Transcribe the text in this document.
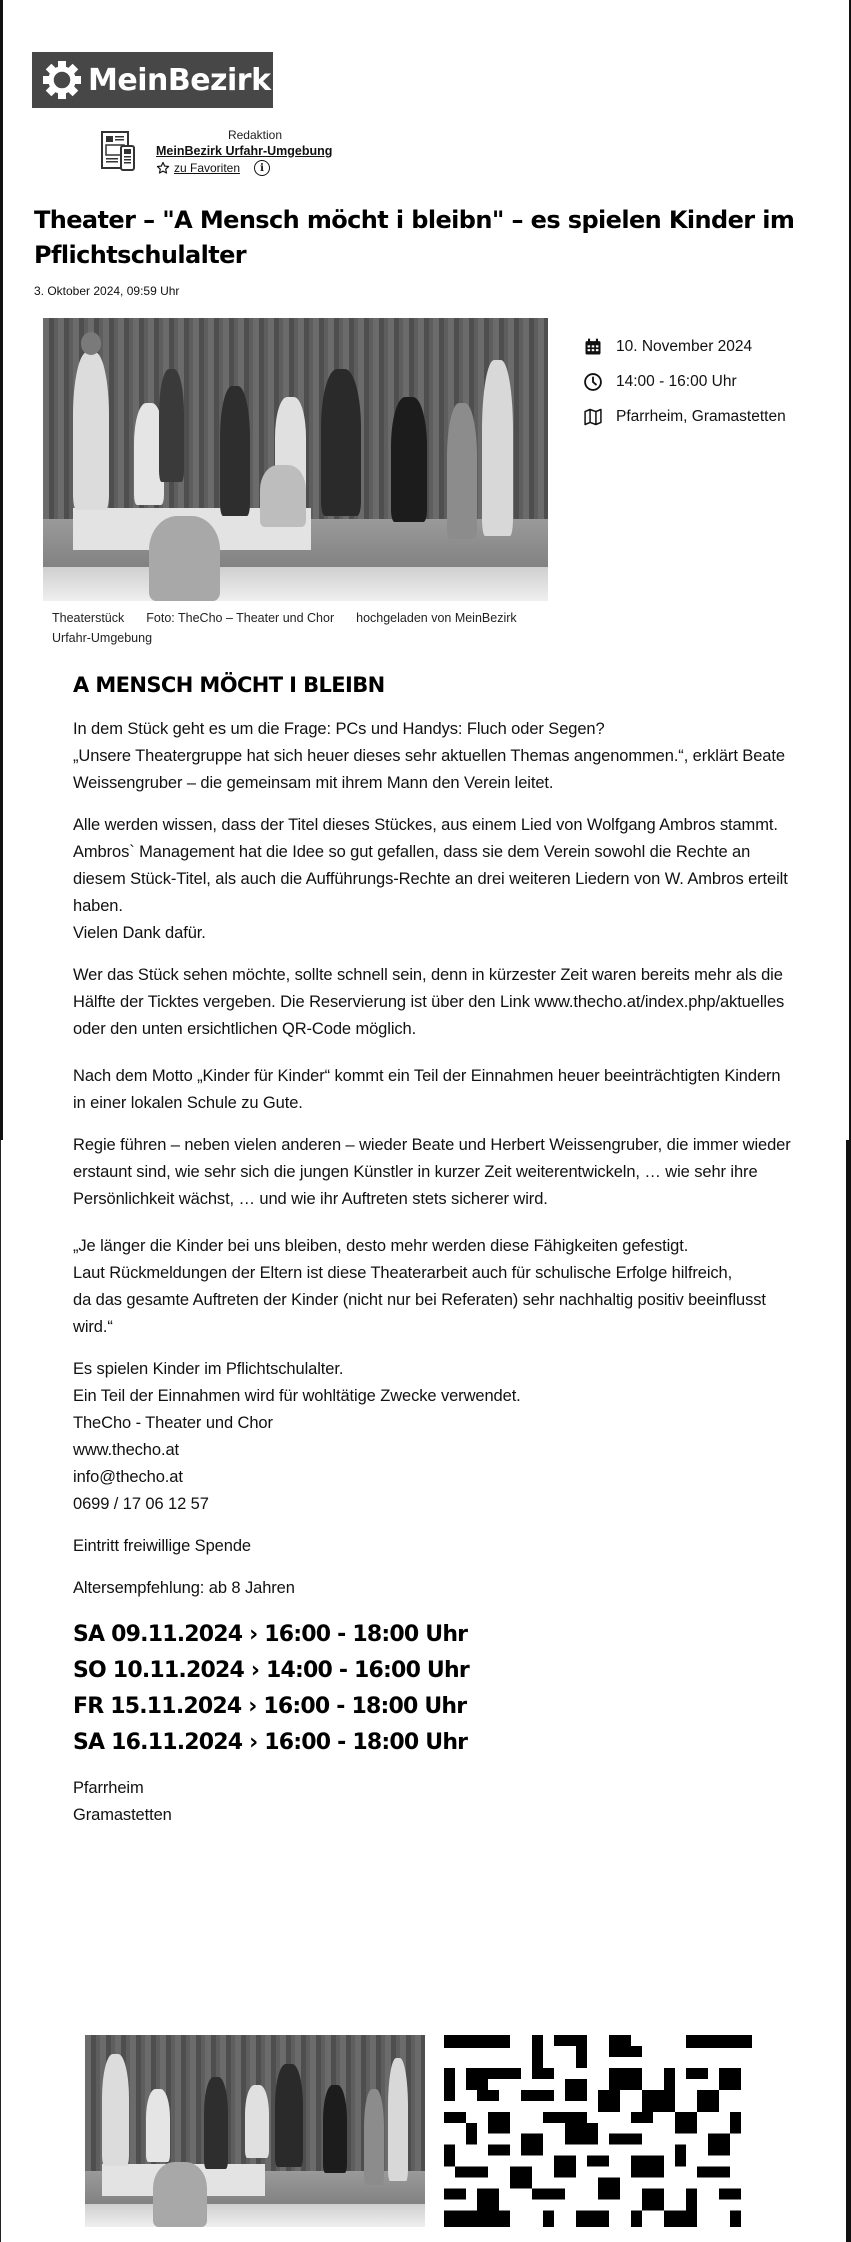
MeinBezirk
Redaktion
MeinBezirk Urfahr-Umgebung
zu Favoriten	i
Theater – "A Mensch möcht i bleibn" – es spielen Kinder im Pflichtschulalter
3. Oktober 2024, 09:59 Uhr
10. November 2024
14:00 - 16:00 Uhr
Pfarrheim, Gramastetten
Theaterstück Foto: TheCho – Theater und Chor hochgeladen von MeinBezirk Urfahr-Umgebung
A MENSCH MÖCHT I BLEIBN

In dem Stück geht es um die Frage: PCs und Handys: Fluch oder Segen?
„Unsere Theatergruppe hat sich heuer dieses sehr aktuellen Themas angenommen.“, erklärt Beate Weissengruber – die gemeinsam mit ihrem Mann den Verein leitet.

Alle werden wissen, dass der Titel dieses Stückes, aus einem Lied von Wolfgang Ambros stammt.
Ambros` Management hat die Idee so gut gefallen, dass sie dem Verein sowohl die Rechte an diesem Stück-Titel, als auch die Aufführungs-Rechte an drei weiteren Liedern von W. Ambros erteilt haben.
Vielen Dank dafür.

Wer das Stück sehen möchte, sollte schnell sein, denn in kürzester Zeit waren bereits mehr als die Hälfte der Ticktes vergeben. Die Reservierung ist über den Link www.thecho.at/index.php/aktuelles oder den unten ersichtlichen QR-Code möglich.

Nach dem Motto „Kinder für Kinder“ kommt ein Teil der Einnahmen heuer beeinträchtigten Kindern in einer lokalen Schule zu Gute.

Regie führen – neben vielen anderen – wieder Beate und Herbert Weissengruber, die immer wieder erstaunt sind, wie sehr sich die jungen Künstler in kurzer Zeit weiterentwickeln, … wie sehr ihre Persönlichkeit wächst, … und wie ihr Auftreten stets sicherer wird.

„Je länger die Kinder bei uns bleiben, desto mehr werden diese Fähigkeiten gefestigt.
Laut Rückmeldungen der Eltern ist diese Theaterarbeit auch für schulische Erfolge hilfreich,
da das gesamte Auftreten der Kinder (nicht nur bei Referaten) sehr nachhaltig positiv beeinflusst wird.“

Es spielen Kinder im Pflichtschulalter.
Ein Teil der Einnahmen wird für wohltätige Zwecke verwendet.
TheCho - Theater und Chor
www.thecho.at
info@thecho.at
0699 / 17 06 12 57

Eintritt freiwillige Spende

Altersempfehlung: ab 8 Jahren

SA 09.11.2024 › 16:00 - 18:00 Uhr
SO 10.11.2024 › 14:00 - 16:00 Uhr
FR 15.11.2024 › 16:00 - 18:00 Uhr
SA 16.11.2024 › 16:00 - 18:00 Uhr

Pfarrheim
Gramastetten
